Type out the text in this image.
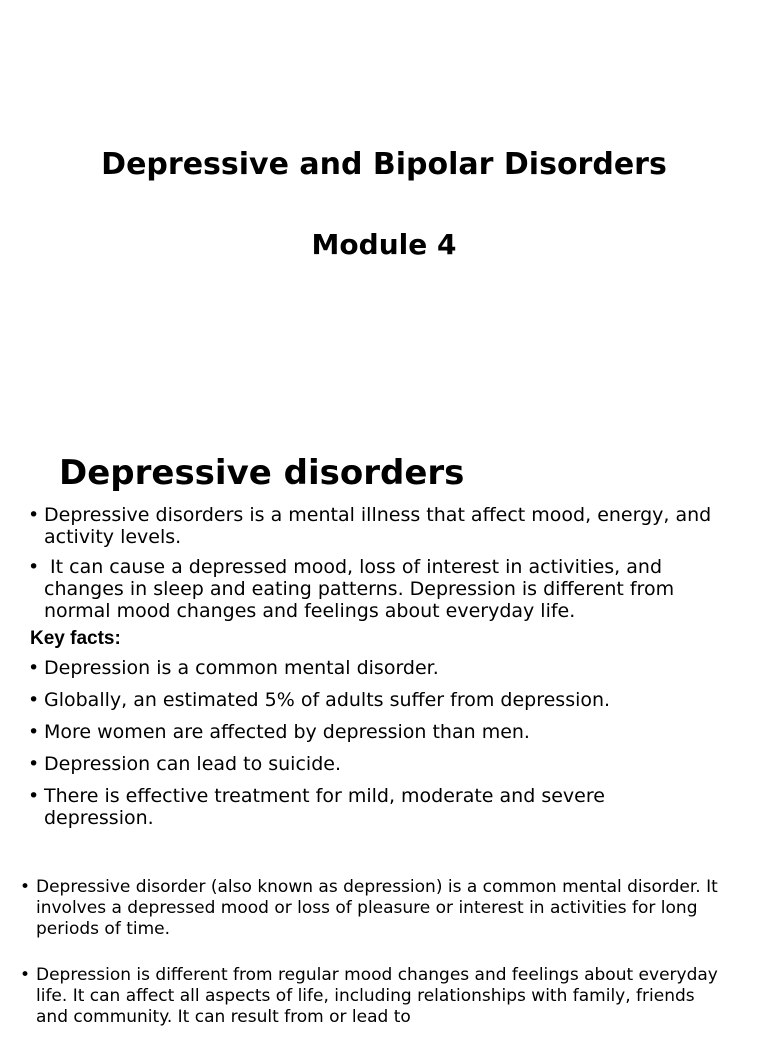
Depressive and Bipolar Disorders
Module 4
Depressive disorders
• Depressive disorders is a mental illness that affect mood, energy, and activity levels.
• It can cause a depressed mood, loss of interest in activities, and changes in sleep and eating patterns. Depression is different from normal mood changes and feelings about everyday life.

Key facts:

• Depression is a common mental disorder.
• Globally, an estimated 5% of adults suffer from depression.
• More women are affected by depression than men.
• Depression can lead to suicide.
• There is effective treatment for mild, moderate and severe depression.
• Depressive disorder (also known as depression) is a common mental disorder. It involves a depressed mood or loss of pleasure or interest in activities for long periods of time.
• Depression is different from regular mood changes and feelings about everyday life. It can affect all aspects of life, including relationships with family, friends and community. It can result from or lead to
